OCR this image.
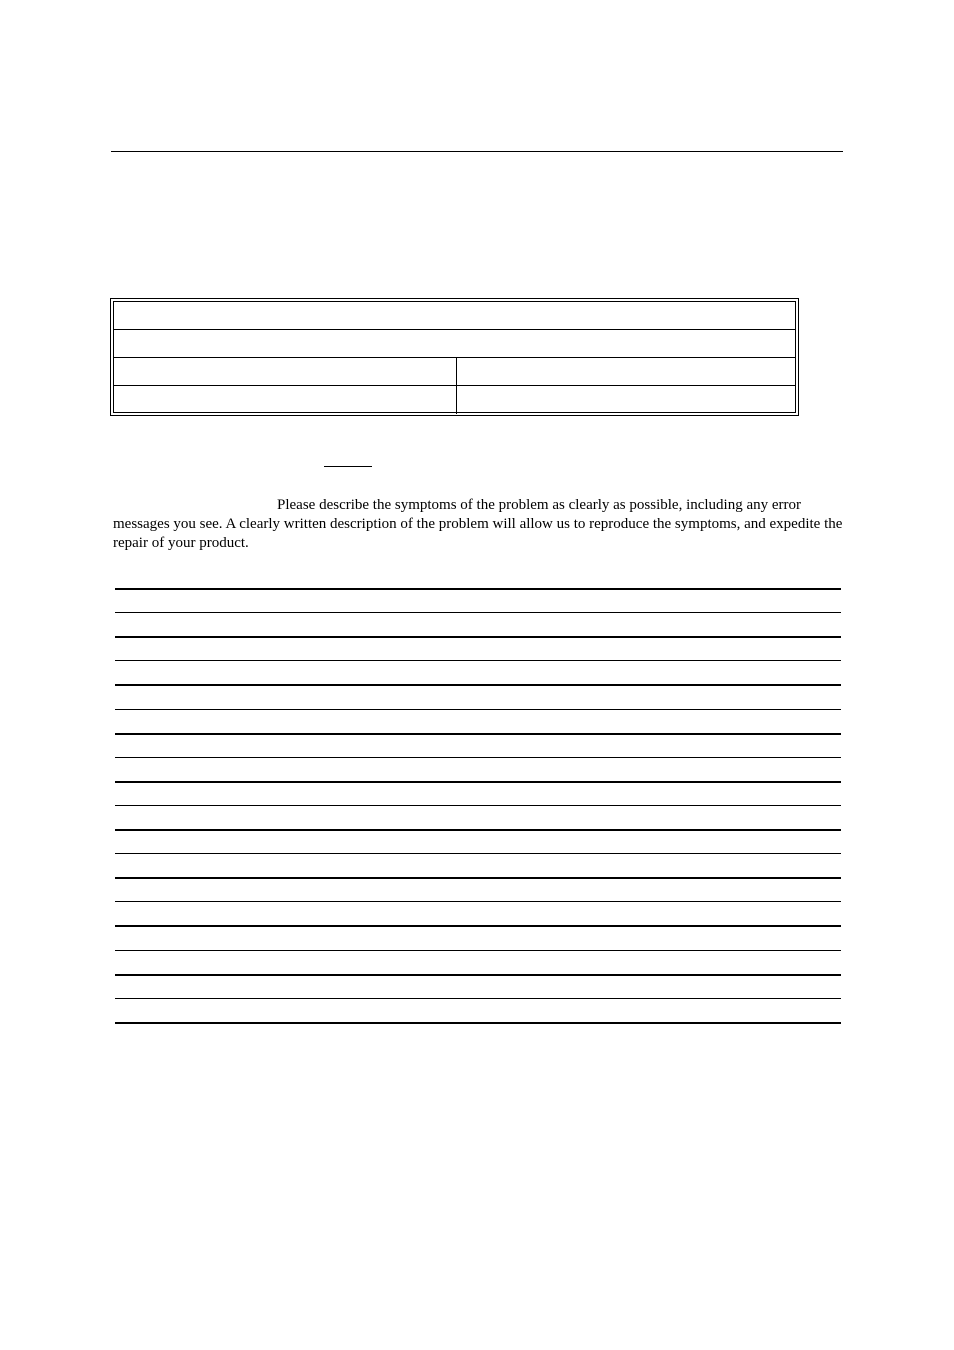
Please describe the symptoms of the problem as clearly as possible, including any error messages you see. A clearly written description of the problem will allow us to reproduce the symptoms, and expedite the repair of your product.
